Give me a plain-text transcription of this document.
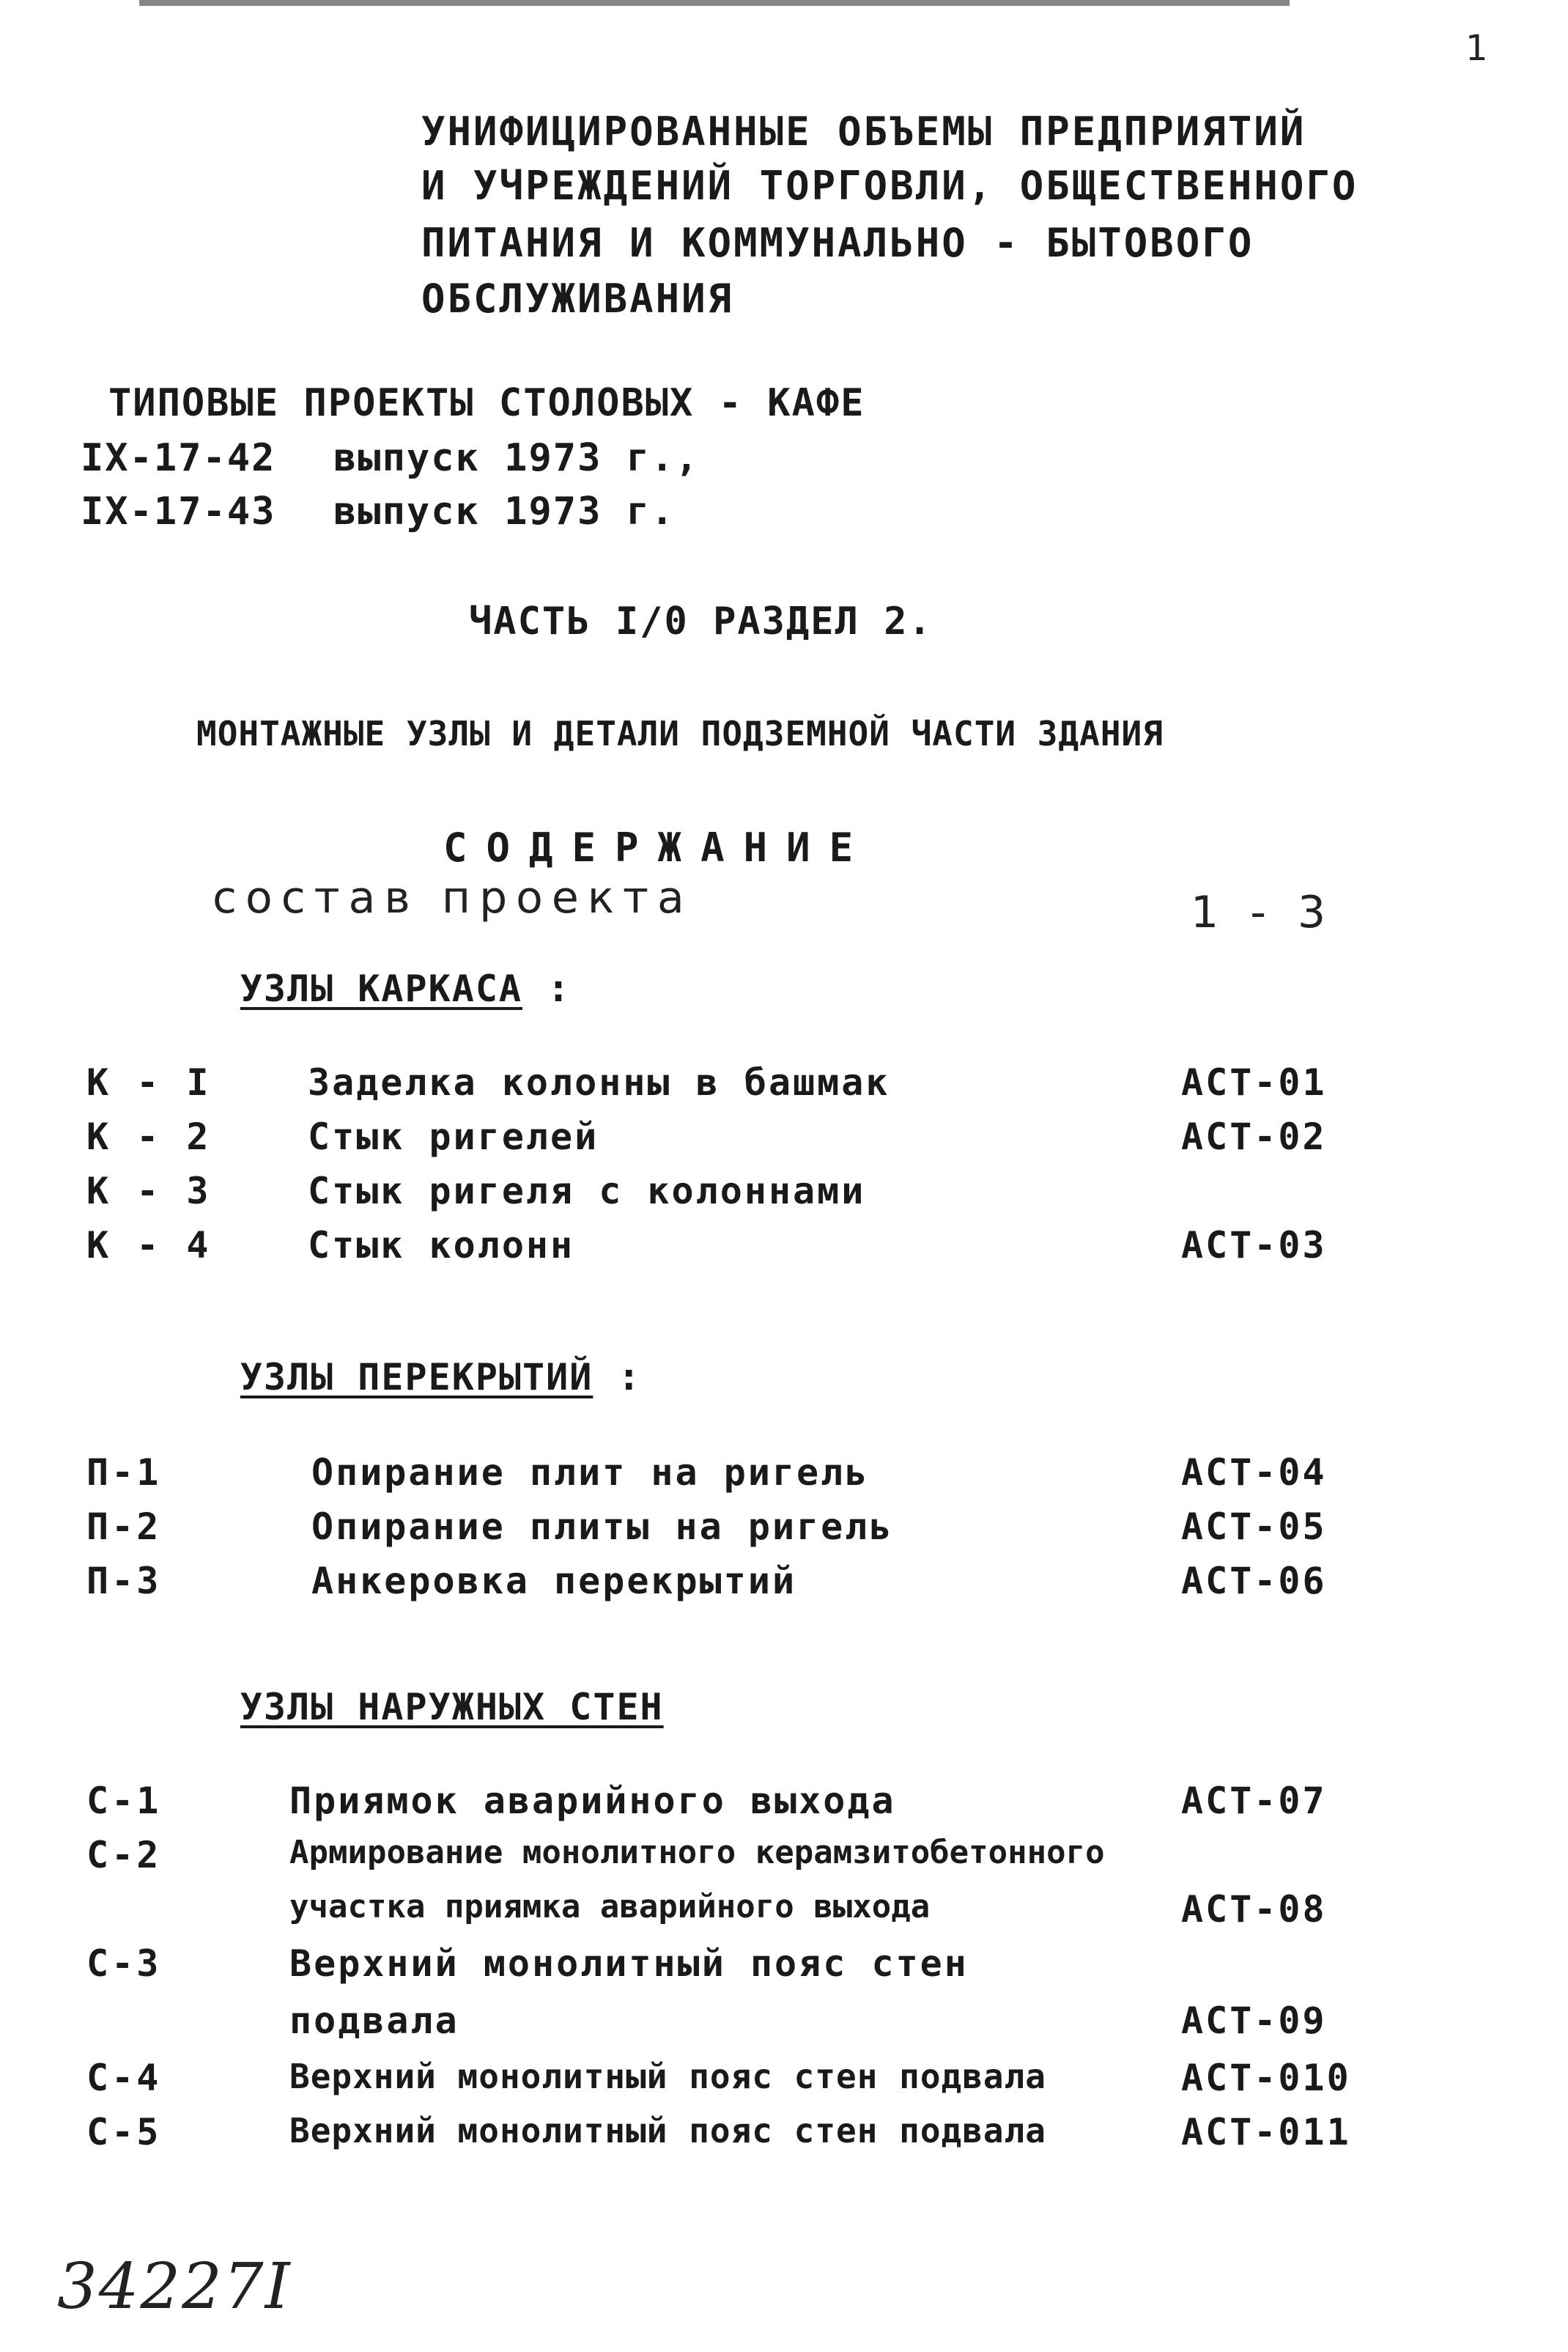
1
УНИФИЦИРОВАННЫЕ ОБЪЕМЫ ПРЕДПРИЯТИЙ
И УЧРЕЖДЕНИЙ ТОРГОВЛИ, ОБЩЕСТВЕННОГО
ПИТАНИЯ И КОММУНАЛЬНО - БЫТОВОГО
ОБСЛУЖИВАНИЯ
ТИПОВЫЕ ПРОЕКТЫ СТОЛОВЫХ - КАФЕ
IX-17-42 выпуск 1973 г.,
IX-17-43 выпуск 1973 г.
ЧАСТЬ I/0 РАЗДЕЛ 2.
МОНТАЖНЫЕ УЗЛЫ И ДЕТАЛИ ПОДЗЕМНОЙ ЧАСТИ ЗДАНИЯ
СОДЕРЖАНИЕ
состав проекта	1 - 3

УЗЛЫ КАРКАСА :

К - I	Заделка колонны в башмак	АСТ-01
К - 2	Стык ригелей	АСТ-02
К - 3	Стык ригеля с колоннами
К - 4	Стык колонн	АСТ-03

УЗЛЫ ПЕРЕКРЫТИЙ :

П-1	Опирание плит на ригель	АСТ-04
П-2	Опирание плиты на ригель	АСТ-05
П-3	Анкеровка перекрытий	АСТ-06

УЗЛЫ НАРУЖНЫХ СТЕН

С-1	Приямок аварийного выхода	АСТ-07
С-2	Армирование монолитного керамзитобетонного
участка приямка аварийного выхода	АСТ-08
С-3	Верхний монолитный пояс стен
подвала	АСТ-09
С-4	Верхний монолитный пояс стен подвала	АСТ-010
С-5	Верхний монолитный пояс стен подвала	АСТ-011
34227I
